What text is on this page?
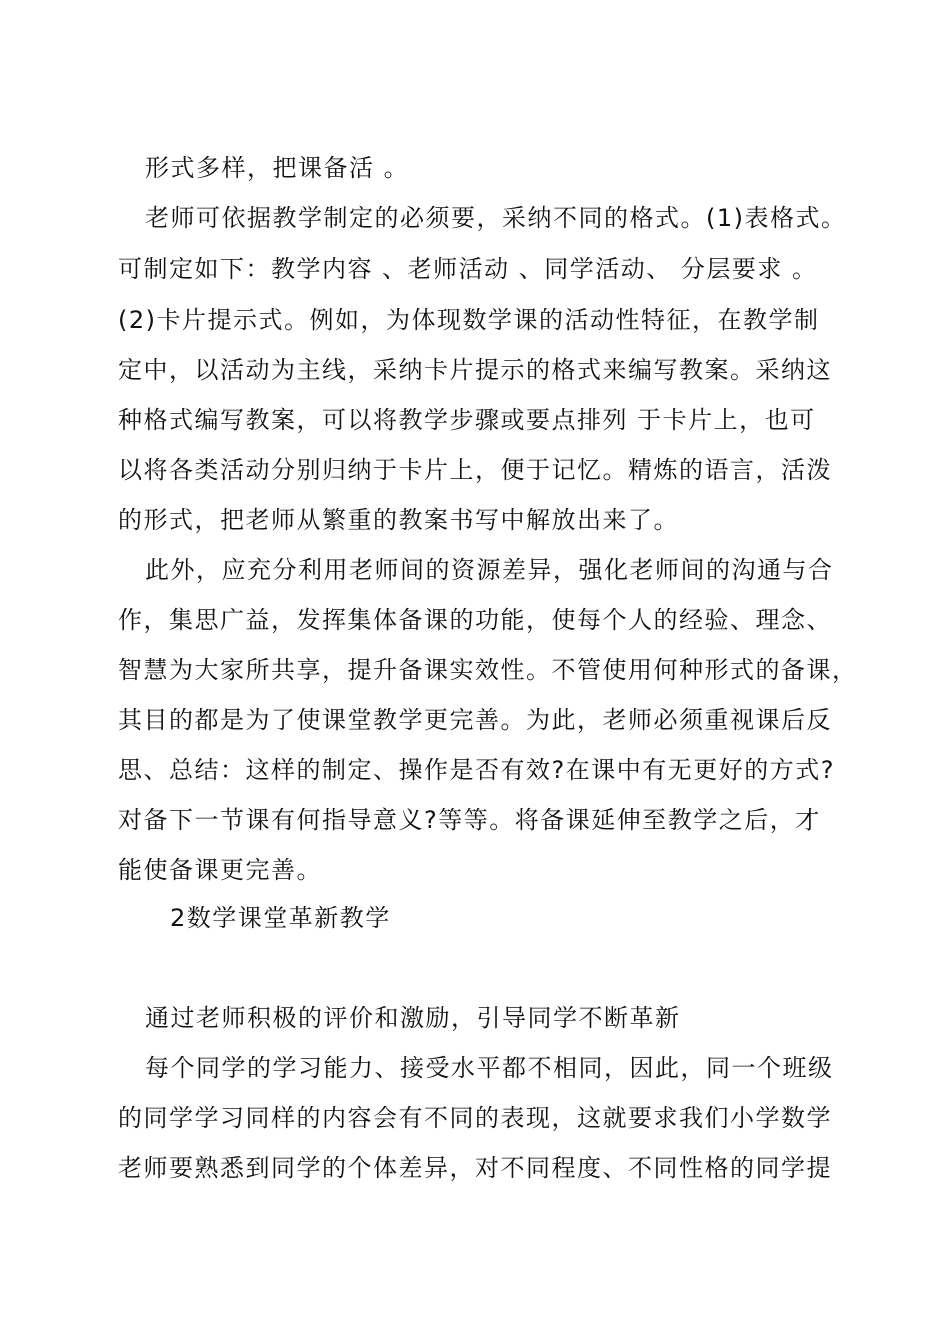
形式多样，把课备活 。

老师可依据教学制定的必须要，采纳不同的格式。(1)表格式。

可制定如下：教学内容 、老师活动 、同学活动、 分层要求 。

(2)卡片提示式。例如，为体现数学课的活动性特征，在教学制

定中，以活动为主线，采纳卡片提示的格式来编写教案。采纳这

种格式编写教案，可以将教学步骤或要点排列 于卡片上，也可

以将各类活动分别归纳于卡片上，便于记忆。精炼的语言，活泼

的形式，把老师从繁重的教案书写中解放出来了。

此外，应充分利用老师间的资源差异，强化老师间的沟通与合

作，集思广益，发挥集体备课的功能，使每个人的经验、理念、

智慧为大家所共享，提升备课实效性。不管使用何种形式的备课，

其目的都是为了使课堂教学更完善。为此，老师必须重视课后反

思、总结：这样的制定、操作是否有效?在课中有无更好的方式?

对备下一节课有何指导意义?等等。将备课延伸至教学之后，才

能使备课更完善。

2数学课堂革新教学

通过老师积极的评价和激励，引导同学不断革新

每个同学的学习能力、接受水平都不相同，因此，同一个班级

的同学学习同样的内容会有不同的表现，这就要求我们小学数学

老师要熟悉到同学的个体差异，对不同程度、不同性格的同学提
